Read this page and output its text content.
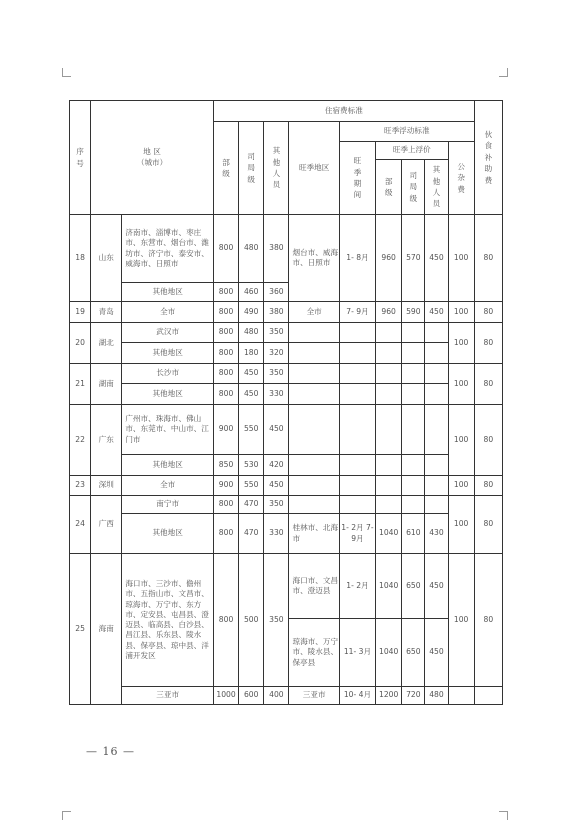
序号	地 区
（城市）		住宿费标准									伙食补助费
			部级	司局级	其他人员	旺季地区	旺季浮动标准					
							旺季期间	旺季上浮价			公杂费	
								部级	司局级	其他人员		
18	山东	济南市、淄博市、枣庄市、东营市、烟台市、潍坊市、济宁市、泰安市、威海市、日照市	800	480	380	烟台市、威海市、日照市	1- 8月	960	570	450	100	80
		其他地区	800	460	360							
19	青岛	全市	800	490	380	全市	7- 9月	960	590	450	100	80
20	湖北	武汉市	800	480	350						100	80
		其他地区	800	180	320							
21	湖南	长沙市	800	450	350						100	80
		其他地区	800	450	330							
22	广东	广州市、珠海市、佛山市、东莞市、中山市、江门市	900	550	450						100	80
		其他地区	850	530	420							
23	深圳	全市	900	550	450						100	80
24	广西	南宁市	800	470	350						100	80
		其他地区	800	470	330	桂林市、北海市	1- 2月 7- 9月	1040	610	430		
25	海南	海口市、三沙市、儋州市、五指山市、文昌市、琼海市、万宁市、东方市、定安县、屯昌县、澄迈县、临高县、白沙县、昌江县、乐东县、陵水县、保亭县、琼中县、洋浦开发区	800	500	350	海口市、文昌市、澄迈县	1- 2月	1040	650	450	100	80
						琼海市、万宁市、陵水县、保亭县	11- 3月	1040	650	450		
		三亚市	1000	600	400	三亚市	10- 4月	1200	720	480		
— 16 —
